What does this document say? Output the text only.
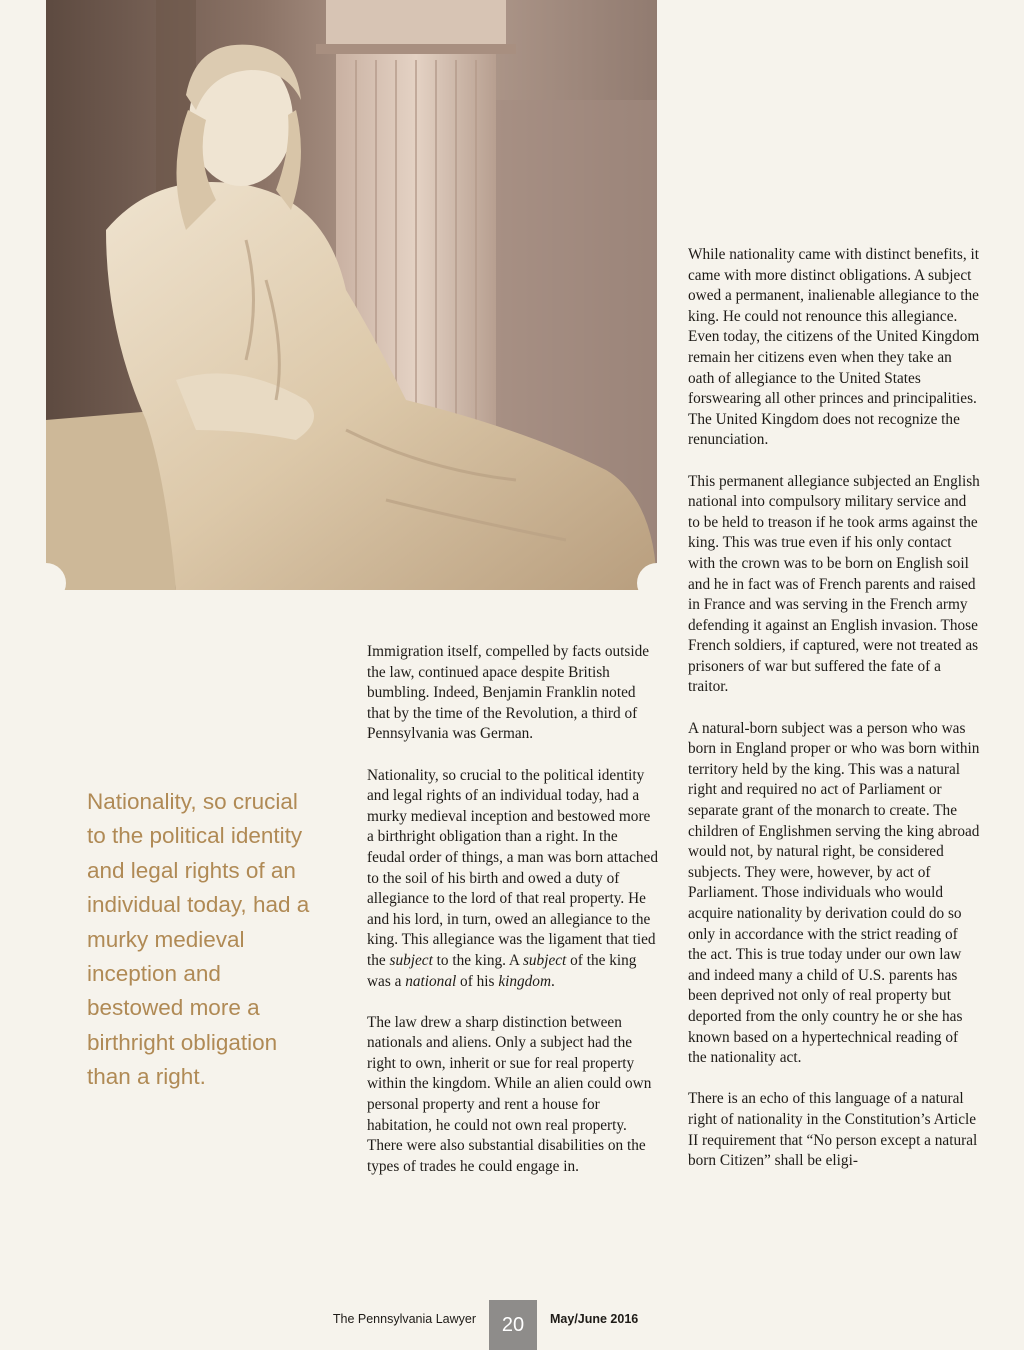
Nationality, so crucial to the political identity and legal rights of an individual today, had a murky medieval inception and bestowed more a birthright obligation than a right.

Immigration itself, compelled by facts outside the law, continued apace despite British bumbling. Indeed, Benjamin Franklin noted that by the time of the Revolution, a third of Pennsylvania was German.

Nationality, so crucial to the political identity and legal rights of an individual today, had a murky medieval inception and bestowed more a birthright obligation than a right. In the feudal order of things, a man was born attached to the soil of his birth and owed a duty of allegiance to the lord of that real property. He and his lord, in turn, owed an allegiance to the king. This allegiance was the ligament that tied the subject to the king. A subject of the king was a national of his kingdom.

The law drew a sharp distinction between nationals and aliens. Only a subject had the right to own, inherit or sue for real property within the kingdom. While an alien could own personal property and rent a house for habitation, he could not own real property. There were also substantial disabilities on the types of trades he could engage in.

While nationality came with distinct benefits, it came with more distinct obligations. A subject owed a permanent, inalienable allegiance to the king. He could not renounce this allegiance. Even today, the citizens of the United Kingdom remain her citizens even when they take an oath of allegiance to the United States forswearing all other princes and principalities. The United Kingdom does not recognize the renunciation.

This permanent allegiance subjected an English national into compulsory military service and to be held to treason if he took arms against the king. This was true even if his only contact with the crown was to be born on English soil and he in fact was of French parents and raised in France and was serving in the French army defending it against an English invasion. Those French soldiers, if captured, were not treated as prisoners of war but suffered the fate of a traitor.

A natural-born subject was a person who was born in England proper or who was born within territory held by the king. This was a natural right and required no act of Parliament or separate grant of the monarch to create. The children of Englishmen serving the king abroad would not, by natural right, be considered subjects. They were, however, by act of Parliament. Those individuals who would acquire nationality by derivation could do so only in accordance with the strict reading of the act. This is true today under our own law and indeed many a child of U.S. parents has been deprived not only of real property but deported from the only country he or she has known based on a hypertechnical reading of the nationality act.

There is an echo of this language of a natural right of nationality in the Constitution’s Article II requirement that “No person except a natural born Citizen” shall be eligi-

The Pennsylvania Lawyer	20	May/June 2016
